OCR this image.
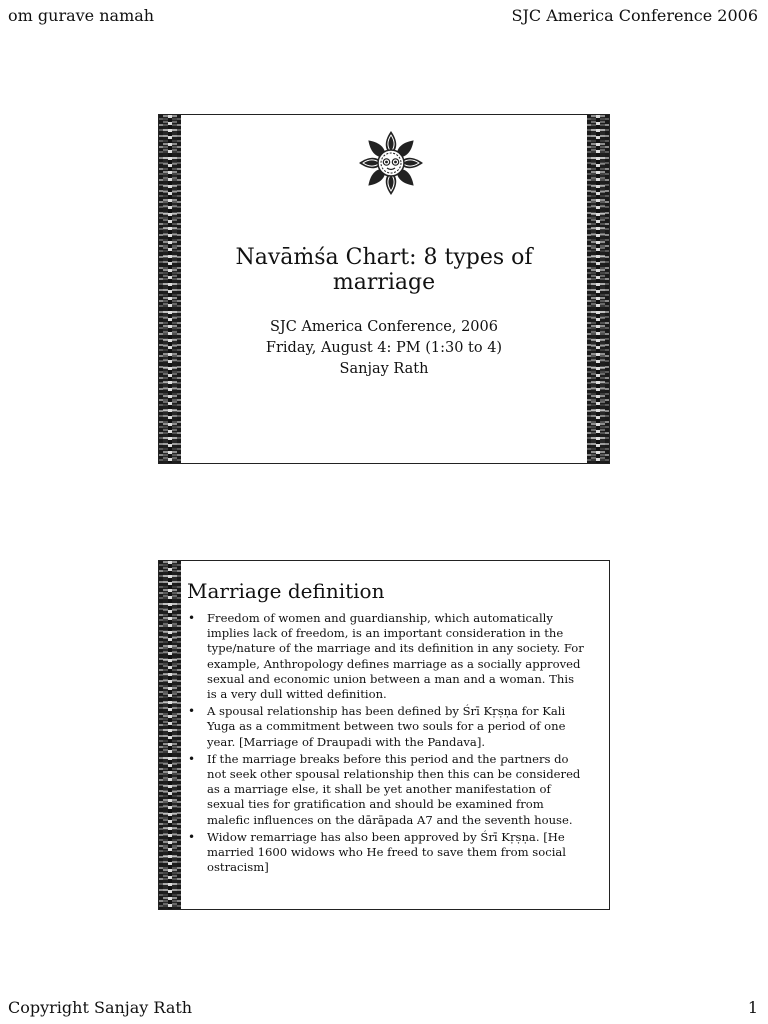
om gurave namah	SJC America Conference 2006
Navāṁśa Chart: 8 types of marriage
SJC America Conference, 2006
Friday, August 4: PM (1:30 to 4)
Sanjay Rath
Marriage definition
• Freedom of women and guardianship, which automatically implies lack of freedom, is an important consideration in the type/nature of the marriage and its definition in any society. For example, Anthropology defines marriage as a socially approved sexual and economic union between a man and a woman. This is a very dull witted definition.
• A spousal relationship has been defined by Śrī Kṛṣṇa for Kali Yuga as a commitment between two souls for a period of one year. [Marriage of Draupadi with the Pandava].
• If the marriage breaks before this period and the partners do not seek other spousal relationship then this can be considered as a marriage else, it shall be yet another manifestation of sexual ties for gratification and should be examined from malefic influences on the dārāpada A7 and the seventh house.
• Widow remarriage has also been approved by Śrī Kṛṣṇa. [He married 1600 widows who He freed to save them from social ostracism]
Copyright Sanjay Rath	1
